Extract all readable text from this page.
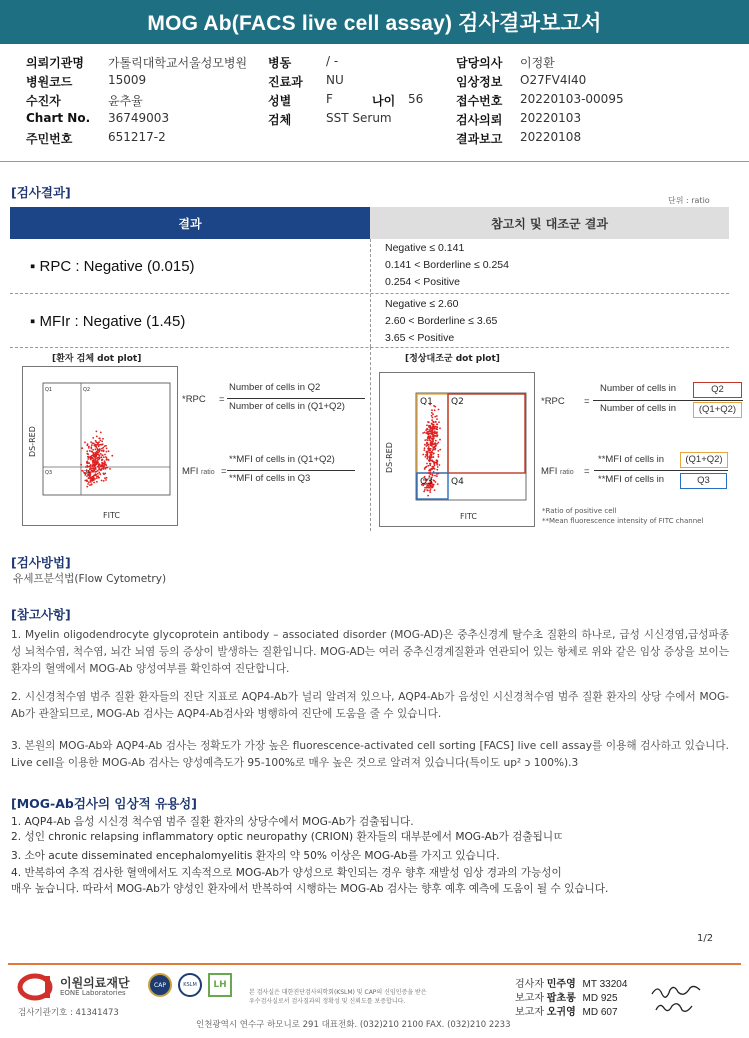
MOG Ab(FACS live cell assay) 검사결과보고서
의뢰기관명 가톨릭대학교서울성모병원
병원코드	15009
수진자	윤추율
Chart No. 36749003
주민번호	651217-2
병동	/ -
진료과 NU
성별	F	나이 56
검체	SST Serum
담당의사 이정환
임상정보 O27FV4I40
접수번호 20220103-00095
검사의뢰 20220103
결과보고 20220108
[검사결과]
단위 : ratio
결과	참고치 및 대조군 결과
▪ RPC : Negative (0.015)
Negative ≤ 0.141
0.141 < Borderline ≤ 0.254
0.254 < Positive
▪ MFIr : Negative (1.45)
Negative ≤ 2.60
2.60 < Borderline ≤ 3.65
3.65 < Positive
[환자 검체 dot plot]
Q1	Q2
Q3	Q4
FITC
DS-RED
*RPC =
Number of cells in Q2
Number of cells in (Q1+Q2)
MFI ratio =
**MFI of cells in (Q1+Q2)
**MFI of cells in Q3
[정상대조군 dot plot]
Q1 Q2
Q3 Q4
FITC
DS-RED
*RPC =
Number of cells in	Q2
Number of cells in	(Q1+Q2)
MFI ratio =
**MFI of cells in	(Q1+Q2)
**MFI of cells in	Q3
*Ratio of positive cell
**Mean fluorescence intensity of FITC channel
[검사방법]
유세프분석법(Flow Cytometry)
[참고사항]
1. Myelin oligodendrocyte glycoprotein antibody – associated disorder (MOG-AD)은 중추신경계 탈수초 질환의 하나로, 급성 시신경염,급성파종성 뇌척수염, 척수염, 뇌간 뇌염 등의 증상이 발생하는 질환입니다. MOG-AD는 여러 중추신경계질환과 연관되어 있는 항체로 위와 같은 임상 증상을 보이는 환자의 혈액에서 MOG-Ab 양성여부를 확인하여 진단합니다.
2. 시신경척수염 범주 질환 환자들의 진단 지표로 AQP4-Ab가 널리 알려져 있으나, AQP4-Ab가 음성인 시신경척수염 범주 질환 환자의 상당 수에서 MOG-Ab가 관찰되므로, MOG-Ab 검사는 AQP4-Ab검사와 병행하여 진단에 도움을 줄 수 있습니다.
3. 본원의 MOG-Ab와 AQP4-Ab 검사는 정확도가 가장 높은 fluorescence-activated cell sorting [FACS] live cell assay를 이용해 검사하고 있습니다. Live cell을 이용한 MOG-Ab 검사는 양성예측도가 95-100%로 매우 높은 것으로 알려져 있습니다(특이도 up² ɔ 100%).3
[MOG-Ab검사의 임상적 유용성]
1. AQP4-Ab 음성 시신경 척수염 범주 질환 환자의 상당수에서 MOG-Ab가 검출됩니다.
2. 성인 chronic relapsing inflammatory optic neuropathy (CRION) 환자들의 대부분에서 MOG-Ab가 검출됩니ㄸ
3. 소아 acute disseminated encephalomyelitis 환자의 약 50% 이상은 MOG-Ab를 가지고 있습니다.
4. 반복하여 추적 검사한 혈액에서도 지속적으로 MOG-Ab가 양성으로 확인되는 경우 향후 재발성 임상 경과의 가능성이
매우 높습니다. 따라서 MOG-Ab가 양성인 환자에서 반복하여 시행하는 MOG-Ab 검사는 향후 예후 예측에 도움이 될 수 있습니다.
1/2
이원의료재단
EONE Laboratories
검사기관기호 : 41341473
CAP	KSLM	LH
본 검사실은 대한진단검사의학회(KSLM) 및 CAP의 신임인증을 받은
우수검사실로서 검사질과의 정확성 및 신뢰도를 보증합니다.
검사자 민주영 MT 33204
보고자 팝초롱 MD 925
보고자 오귀영 MD 607
인천광역시 연수구 하모니로 291 대표전화. (032)210 2100 FAX. (032)210 2233
